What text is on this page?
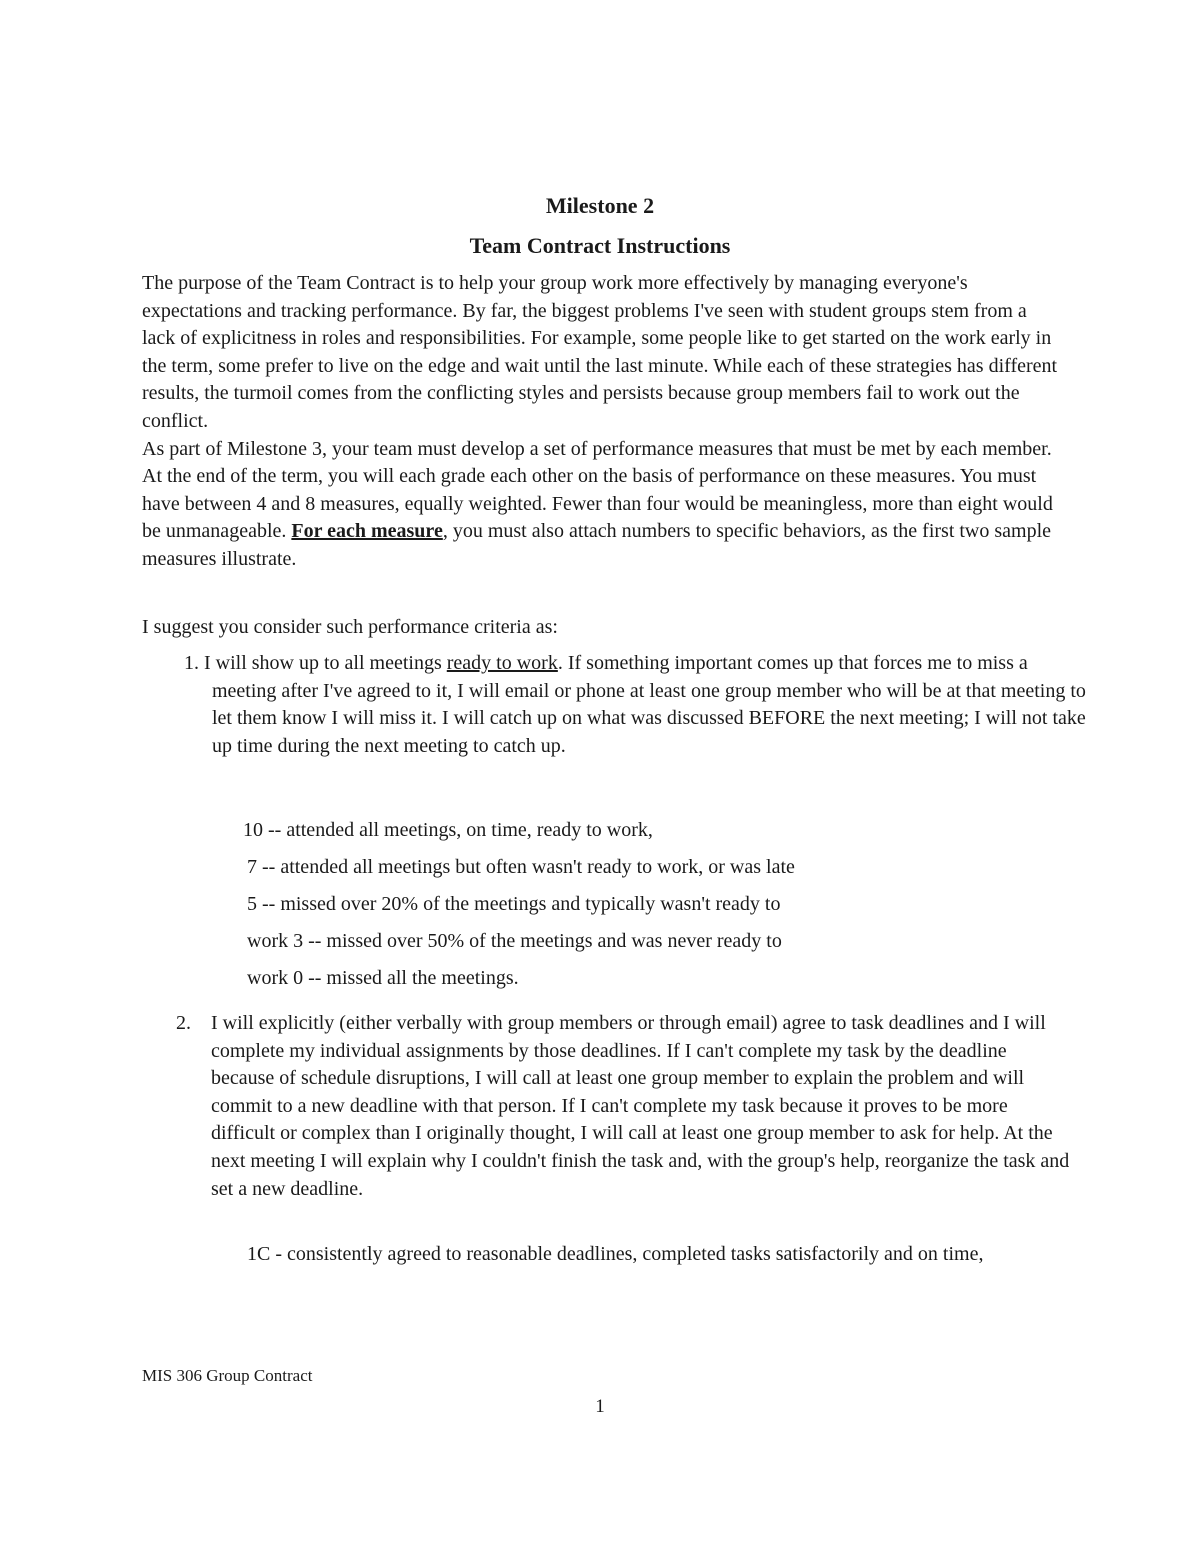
Milestone 2
Team Contract Instructions

The purpose of the Team Contract is to help your group work more effectively by managing everyone's expectations and tracking performance. By far, the biggest problems I've seen with student groups stem from a lack of explicitness in roles and responsibilities. For example, some people like to get started on the work early in the term, some prefer to live on the edge and wait until the last minute. While each of these strategies has different results, the turmoil comes from the conflicting styles and persists because group members fail to work out the conflict.

As part of Milestone 3, your team must develop a set of performance measures that must be met by each member. At the end of the term, you will each grade each other on the basis of performance on these measures. You must have between 4 and 8 measures, equally weighted. Fewer than four would be meaningless, more than eight would be unmanageable. For each measure, you must also attach numbers to specific behaviors, as the first two sample measures illustrate.

I suggest you consider such performance criteria as:
1. I will show up to all meetings ready to work. If something important comes up that forces me to miss a meeting after I've agreed to it, I will email or phone at least one group member who will be at that meeting to let them know I will miss it. I will catch up on what was discussed BEFORE the next meeting; I will not take up time during the next meeting to catch up.
10 -- attended all meetings, on time, ready to work,
7 -- attended all meetings but often wasn't ready to work, or was late
5 -- missed over 20% of the meetings and typically wasn't ready to
work 3 -- missed over 50% of the meetings and was never ready to
work 0 -- missed all the meetings.
2. I will explicitly (either verbally with group members or through email) agree to task deadlines and I will complete my individual assignments by those deadlines. If I can't complete my task by the deadline because of schedule disruptions, I will call at least one group member to explain the problem and will commit to a new deadline with that person. If I can't complete my task because it proves to be more difficult or complex than I originally thought, I will call at least one group member to ask for help. At the next meeting I will explain why I couldn't finish the task and, with the group's help, reorganize the task and set a new deadline.
1C - consistently agreed to reasonable deadlines, completed tasks satisfactorily and on time,
MIS 306 Group Contract
1
